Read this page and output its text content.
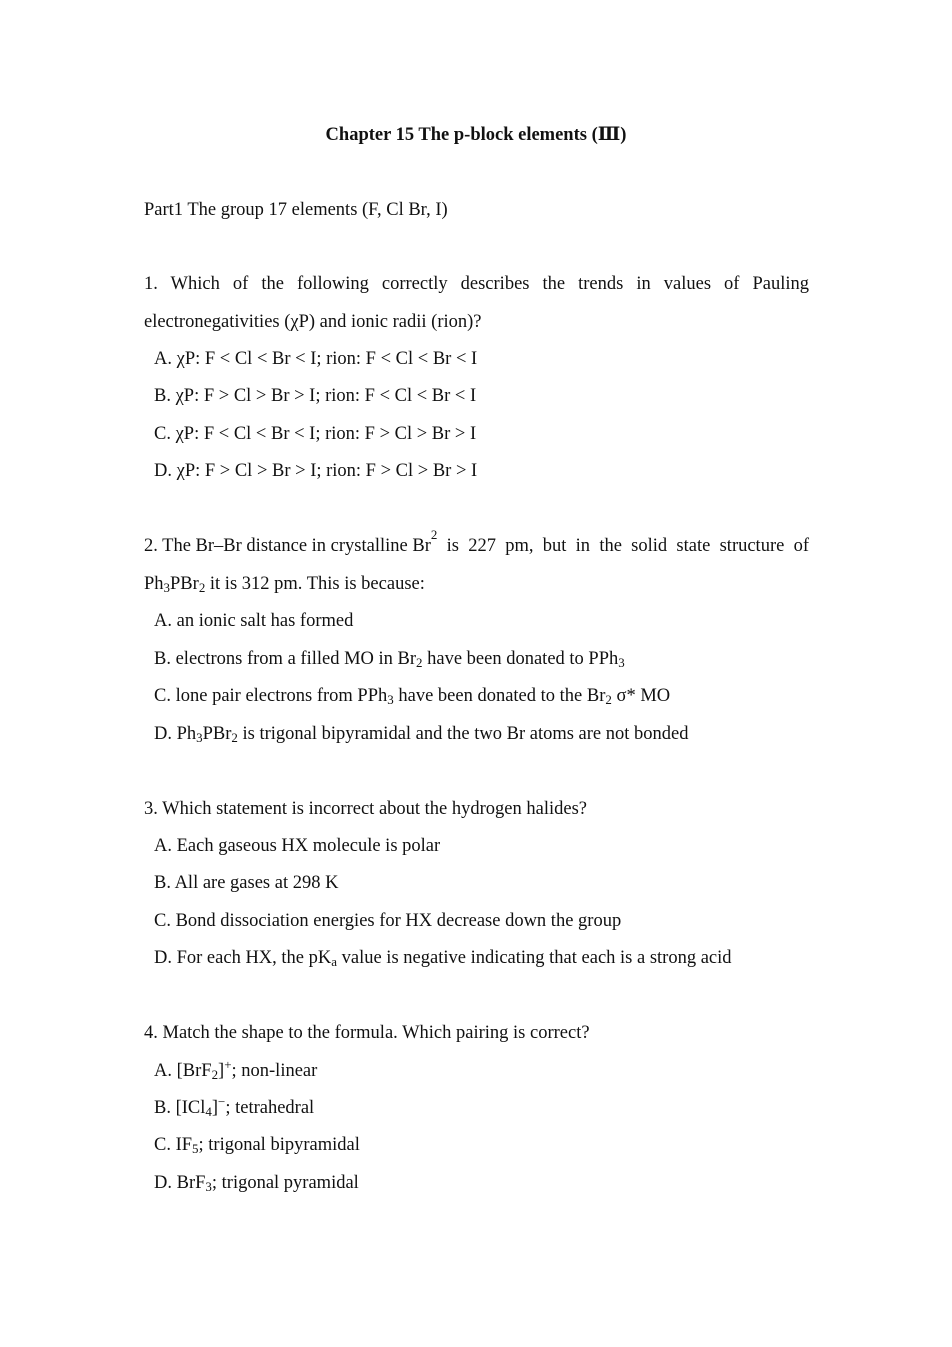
Chapter 15 The p-block elements (Ⅲ)
Part1 The group 17 elements (F, Cl Br, I)
1. Which of the following correctly describes the trends in values of Pauling
electronegativities (χP) and ionic radii (rion)?
A. χP: F < Cl < Br < I; rion: F < Cl < Br < I
B. χP: F > Cl > Br > I; rion: F < Cl < Br < I
C. χP: F < Cl < Br < I; rion: F > Cl > Br > I
D. χP: F > Cl > Br > I; rion: F > Cl > Br > I
2. The Br–Br distance in crystalline Br
2
is 227 pm, but in the solid state structure of
$Ph_3PBr_2$ it is 312 pm. This is because:
A. an ionic salt has formed
B. electrons from a filled MO in $Br_2$ have been donated to PPh$_3$
C. lone pair electrons from PPh$_3$ have been donated to the $Br_2$ σ* MO
D. $Ph_3PBr_2$ is trigonal bipyramidal and the two Br atoms are not bonded
3. Which statement is incorrect about the hydrogen halides?
A. Each gaseous HX molecule is polar
B. All are gases at 298 K
C. Bond dissociation energies for HX decrease down the group
D. For each HX, the $pK_a$ value is negative indicating that each is a strong acid
4. Match the shape to the formula. Which pairing is correct?
A. [BrF$_2$]+; non-linear
B. [ICl$_4$]−; tetrahedral
C. $IF_5$; trigonal bipyramidal
D. BrF$_3$; trigonal pyramidal
